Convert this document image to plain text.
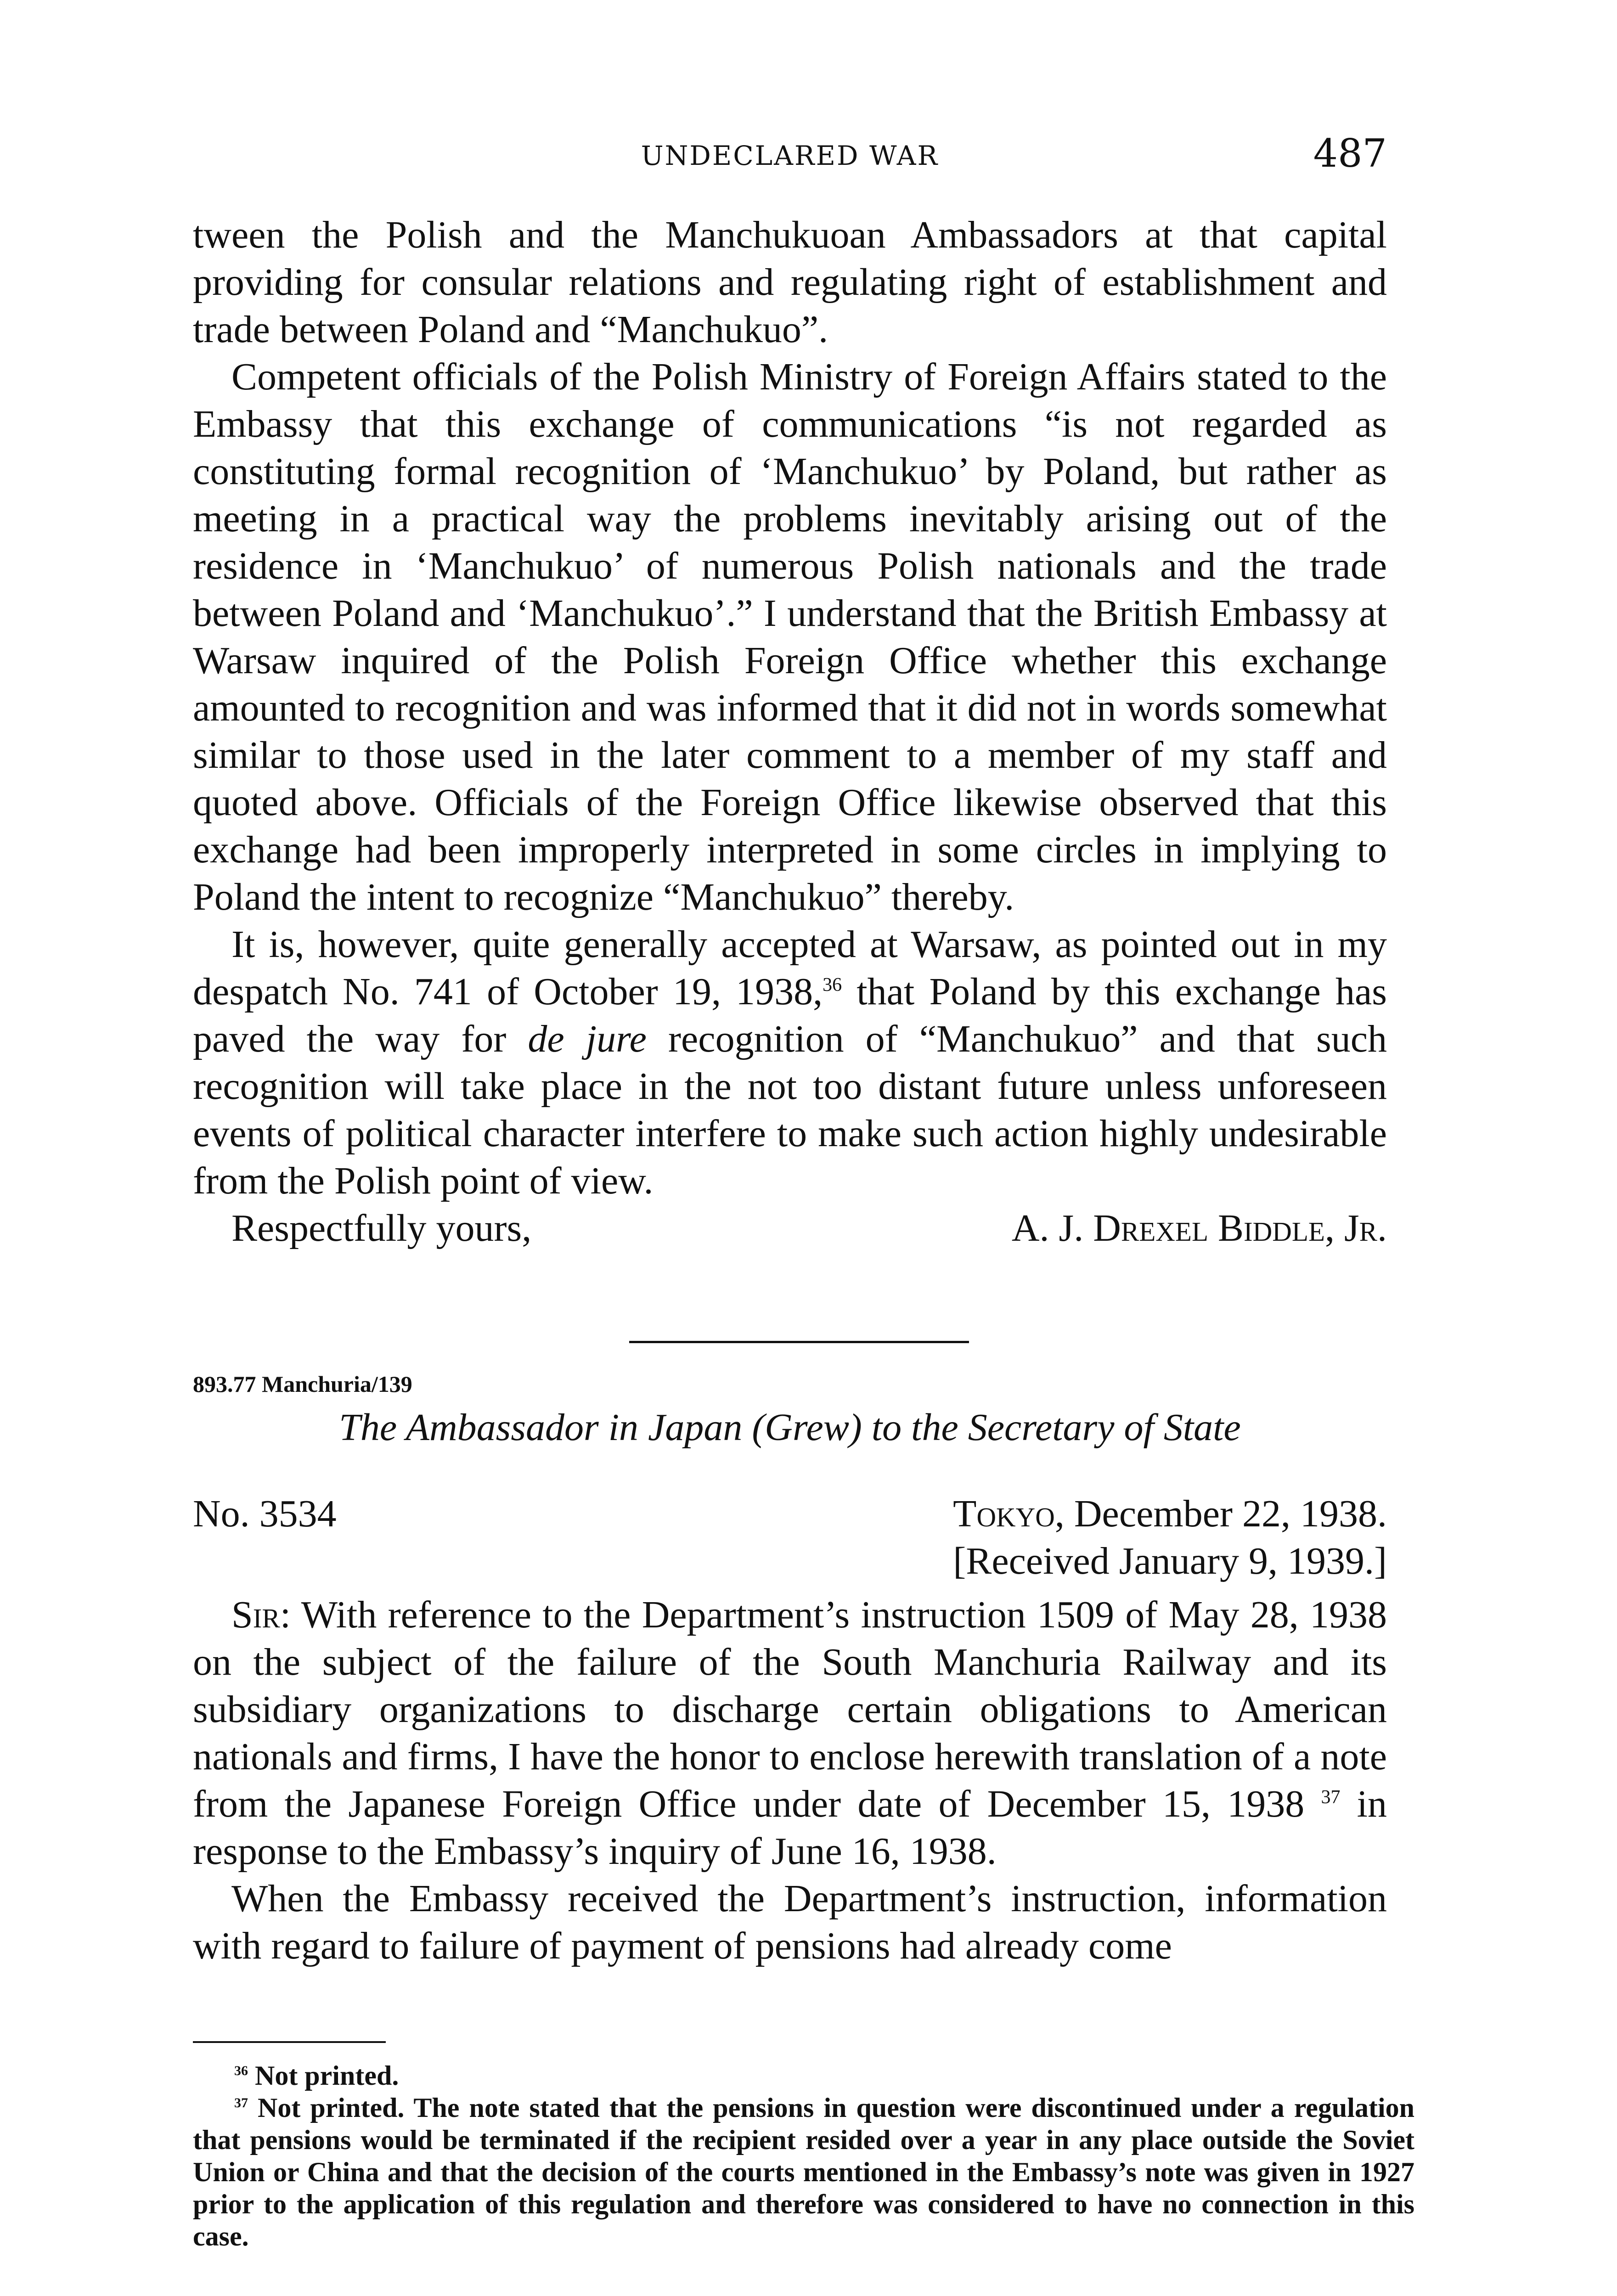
UNDECLARED WAR	487

tween the Polish and the Manchukuoan Ambassadors at that capital providing for consular relations and regulating right of establishment and trade between Poland and “Manchukuo”.

Competent officials of the Polish Ministry of Foreign Affairs stated to the Embassy that this exchange of communications “is not regarded as constituting formal recognition of ‘Manchukuo’ by Poland, but rather as meeting in a practical way the problems inevitably arising out of the residence in ‘Manchukuo’ of numerous Polish nationals and the trade between Poland and ‘Manchukuo’.” I understand that the British Embassy at Warsaw inquired of the Polish Foreign Office whether this exchange amounted to recognition and was informed that it did not in words somewhat similar to those used in the later comment to a member of my staff and quoted above. Officials of the Foreign Office likewise observed that this exchange had been improperly interpreted in some circles in implying to Poland the intent to recognize “Manchukuo” thereby.

It is, however, quite generally accepted at Warsaw, as pointed out in my despatch No. 741 of October 19, 1938,36 that Poland by this exchange has paved the way for de jure recognition of “Manchukuo” and that such recognition will take place in the not too distant future unless unforeseen events of political character interfere to make such action highly undesirable from the Polish point of view.

Respectfully yours,	A. J. Drexel Biddle, Jr.
893.77 Manchuria/139
The Ambassador in Japan (Grew) to the Secretary of State
No. 3534	Tokyo, December 22, 1938.
[Received January 9, 1939.]

Sir: With reference to the Department’s instruction 1509 of May 28, 1938 on the subject of the failure of the South Manchuria Railway and its subsidiary organizations to discharge certain obligations to American nationals and firms, I have the honor to enclose herewith translation of a note from the Japanese Foreign Office under date of December 15, 1938 $^{37}$ in response to the Embassy’s inquiry of June 16, 1938.

When the Embassy received the Department’s instruction, information with regard to failure of payment of pensions had already come

$^{36}$ Not printed.

$^{37}$ Not printed. The note stated that the pensions in question were discontinued under a regulation that pensions would be terminated if the recipient resided over a year in any place outside the Soviet Union or China and that the decision of the courts mentioned in the Embassy’s note was given in 1927 prior to the application of this regulation and therefore was considered to have no connection in this case.
